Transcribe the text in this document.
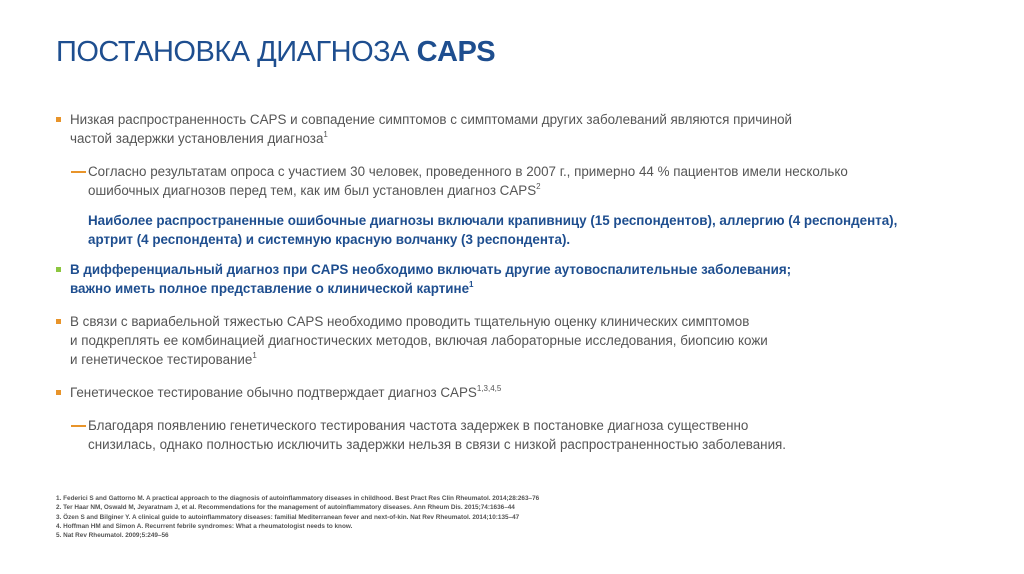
ПОСТАНОВКА ДИАГНОЗА CAPS
Низкая распространенность CAPS и совпадение симптомов с симптомами других заболеваний являются причиной
частой задержки установления диагноза$^1$
Согласно результатам опроса с участием 30 человек, проведенного в 2007 г., примерно 44 % пациентов имели несколько
ошибочных диагнозов перед тем, как им был установлен диагноз CAPS$^2$
Наиболее распространенные ошибочные диагнозы включали крапивницу (15 респондентов), аллергию (4 респондента),
артрит (4 респондента) и системную красную волчанку (3 респондента).
В дифференциальный диагноз при CAPS необходимо включать другие аутовоспалительные заболевания;
важно иметь полное представление о клинической картине$^1$
В связи с вариабельной тяжестью CAPS необходимо проводить тщательную оценку клинических симптомов
и подкреплять ее комбинацией диагностических методов, включая лабораторные исследования, биопсию кожи
и генетическое тестирование$^1$
Генетическое тестирование обычно подтверждает диагноз CAPS$^{1,3,4,5}$
Благодаря появлению генетического тестирования частота задержек в постановке диагноза существенно
снизилась, однако полностью исключить задержки нельзя в связи с низкой распространенностью заболевания.
1. Federici S and Gattorno M. A practical approach to the diagnosis of autoinflammatory diseases in childhood. Best Pract Res Clin Rheumatol. 2014;28:263–76
2. Ter Haar NM, Oswald M, Jeyaratnam J, et al. Recommendations for the management of autoinflammatory diseases. Ann Rheum Dis. 2015;74:1636–44
3. Özen S and Bilginer Y. A clinical guide to autoinflammatory diseases: familial Mediterranean fever and next-of-kin. Nat Rev Rheumatol. 2014;10:135–47
4. Hoffman HM and Simon A. Recurrent febrile syndromes: What a rheumatologist needs to know.
5. Nat Rev Rheumatol. 2009;5:249–56
